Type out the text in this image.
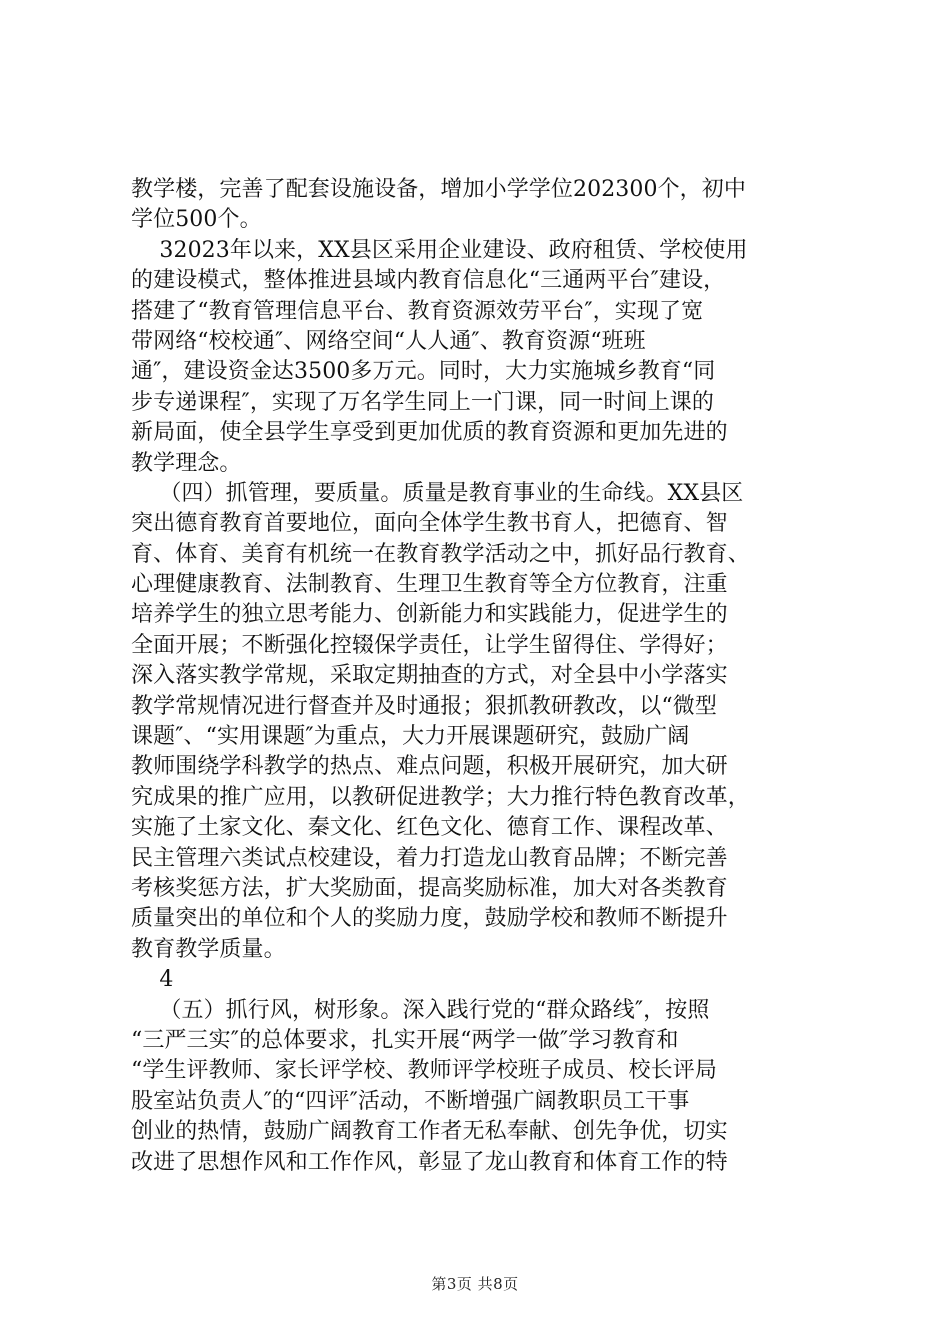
教学楼，完善了配套设施设备，增加小学学位202300个，初中
学位500个。
32023年以来，XX县区采用企业建设、政府租赁、学校使用
的建设模式，整体推进县域内教育信息化“三通两平台″建设，
搭建了“教育管理信息平台、教育资源效劳平台″，实现了宽
带网络“校校通″、网络空间“人人通″、教育资源“班班
通″，建设资金达3500多万元。同时，大力实施城乡教育“同
步专递课程″，实现了万名学生同上一门课，同一时间上课的
新局面，使全县学生享受到更加优质的教育资源和更加先进的
教学理念。
（四）抓管理，要质量。质量是教育事业的生命线。XX县区
突出德育教育首要地位，面向全体学生教书育人，把德育、智
育、体育、美育有机统一在教育教学活动之中，抓好品行教育、
心理健康教育、法制教育、生理卫生教育等全方位教育，注重
培养学生的独立思考能力、创新能力和实践能力，促进学生的
全面开展；不断强化控辍保学责任，让学生留得住、学得好；
深入落实教学常规，采取定期抽查的方式，对全县中小学落实
教学常规情况进行督查并及时通报；狠抓教研教改，以“微型
课题″、“实用课题″为重点，大力开展课题研究，鼓励广阔
教师围绕学科教学的热点、难点问题，积极开展研究，加大研
究成果的推广应用，以教研促进教学；大力推行特色教育改革，
实施了土家文化、秦文化、红色文化、德育工作、课程改革、
民主管理六类试点校建设，着力打造龙山教育品牌；不断完善
考核奖惩方法，扩大奖励面，提高奖励标准，加大对各类教育
质量突出的单位和个人的奖励力度，鼓励学校和教师不断提升
教育教学质量。
4
（五）抓行风，树形象。深入践行党的“群众路线″，按照
“三严三实″的总体要求，扎实开展“两学一做″学习教育和
“学生评教师、家长评学校、教师评学校班子成员、校长评局
股室站负责人″的“四评″活动，不断增强广阔教职员工干事
创业的热情，鼓励广阔教育工作者无私奉献、创先争优，切实
改进了思想作风和工作作风，彰显了龙山教育和体育工作的特
第3页 共8页
